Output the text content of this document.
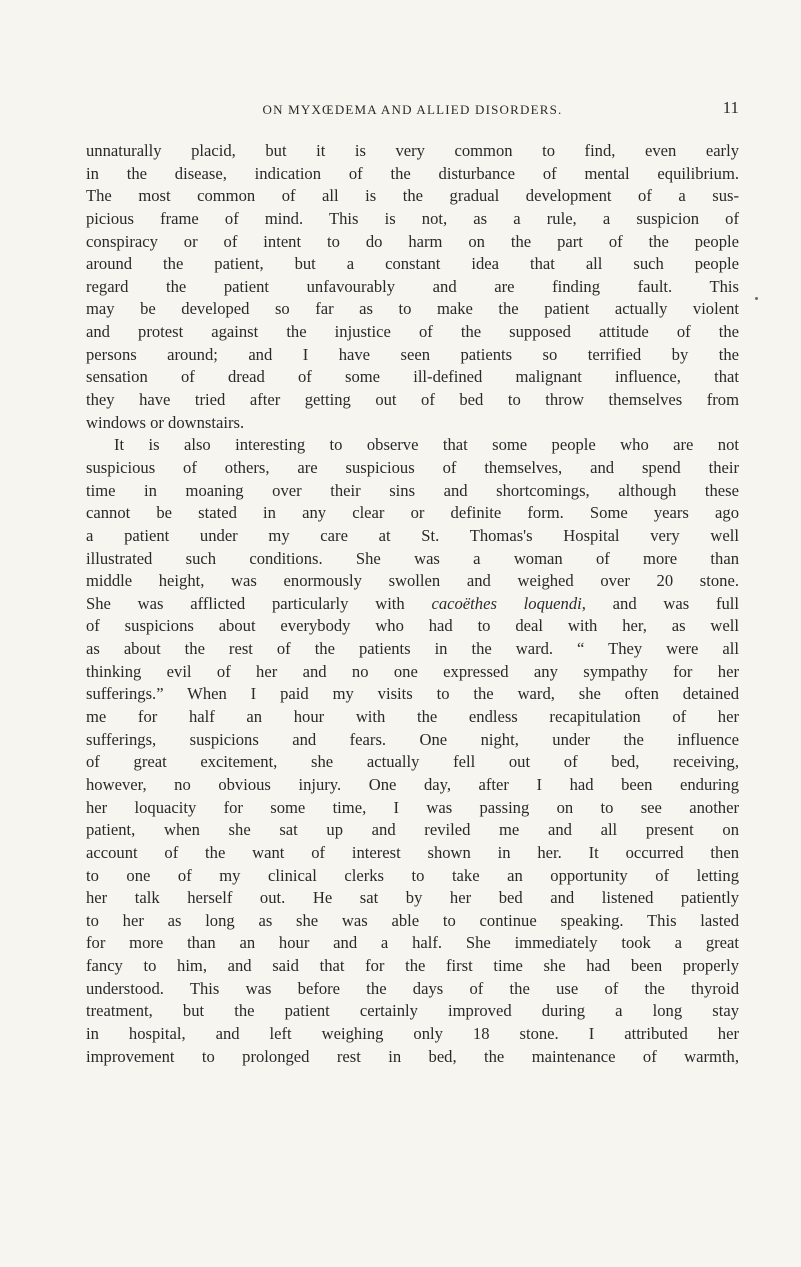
ON MYXŒDEMA AND ALLIED DISORDERS.	11
unnaturally placid, but it is very common to find, even early
in the disease, indication of the disturbance of mental equilibrium.
The most common of all is the gradual development of a sus-
picious frame of mind. This is not, as a rule, a suspicion of
conspiracy or of intent to do harm on the part of the people
around the patient, but a constant idea that all such people
regard the patient unfavourably and are finding fault. This
may be developed so far as to make the patient actually violent
and protest against the injustice of the supposed attitude of the
persons around; and I have seen patients so terrified by the
sensation of dread of some ill-defined malignant influence, that
they have tried after getting out of bed to throw themselves from
windows or downstairs.
It is also interesting to observe that some people who are not
suspicious of others, are suspicious of themselves, and spend their
time in moaning over their sins and shortcomings, although these
cannot be stated in any clear or definite form. Some years ago
a patient under my care at St. Thomas's Hospital very well
illustrated such conditions. She was a woman of more than
middle height, was enormously swollen and weighed over 20 stone.
She was afflicted particularly with cacoëthes loquendi, and was full
of suspicions about everybody who had to deal with her, as well
as about the rest of the patients in the ward. “ They were all
thinking evil of her and no one expressed any sympathy for her
sufferings.” When I paid my visits to the ward, she often detained
me for half an hour with the endless recapitulation of her
sufferings, suspicions and fears. One night, under the influence
of great excitement, she actually fell out of bed, receiving,
however, no obvious injury. One day, after I had been enduring
her loquacity for some time, I was passing on to see another
patient, when she sat up and reviled me and all present on
account of the want of interest shown in her. It occurred then
to one of my clinical clerks to take an opportunity of letting
her talk herself out. He sat by her bed and listened patiently
to her as long as she was able to continue speaking. This lasted
for more than an hour and a half. She immediately took a great
fancy to him, and said that for the first time she had been properly
understood. This was before the days of the use of the thyroid
treatment, but the patient certainly improved during a long stay
in hospital, and left weighing only 18 stone. I attributed her
improvement to prolonged rest in bed, the maintenance of warmth,
